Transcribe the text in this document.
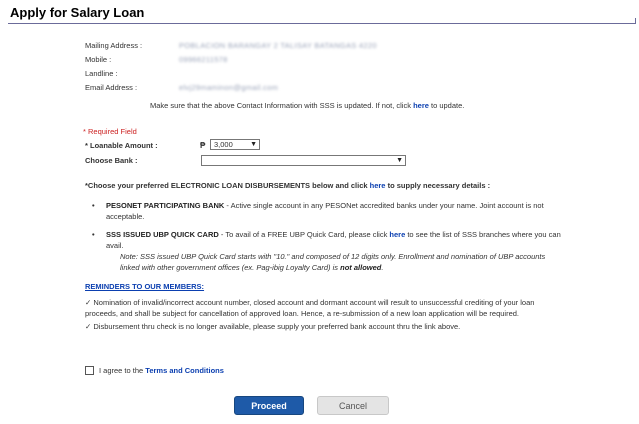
Apply for Salary Loan
Mailing Address :	POBLACION BARANGAY 2 TALISAY BATANGAS 4220
Mobile :	09966211578
Landline :
Email Address :	elvj29maminon@gmail.com
Make sure that the above Contact Information with SSS is updated. If not, click here to update.
* Required Field
* Loanable Amount :	₱	3,000 ▼
Choose Bank :	▼
*Choose your preferred ELECTRONIC LOAN DISBURSEMENTS below and click here to supply necessary details :
•	PESONET PARTICIPATING BANK - Active single account in any PESONet accredited banks under your name. Joint account is not acceptable.
•	SSS ISSUED UBP QUICK CARD - To avail of a FREE UBP Quick Card, please click here to see the list of SSS branches where you can avail.
Note: SSS issued UBP Quick Card starts with "10." and composed of 12 digits only. Enrollment and nomination of UBP accounts linked with other government offices (ex. Pag-ibig Loyalty Card) is not allowed.
REMINDERS TO OUR MEMBERS:
✓ Nomination of invalid/incorrect account number, closed account and dormant account will result to unsuccessful crediting of your loan proceeds, and shall be subject for cancellation of approved loan. Hence, a re-submission of a new loan application will be required.
✓ Disbursement thru check is no longer available, please supply your preferred bank account thru the link above.
I agree to the
Terms and Conditions
Proceed	Cancel
